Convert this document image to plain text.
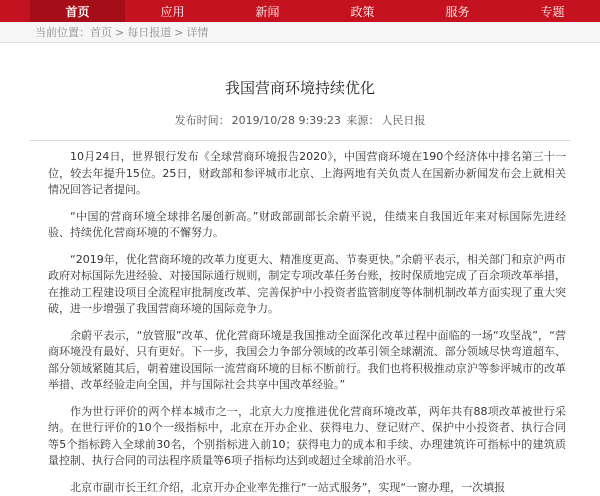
首页	应用	新闻	政策	服务	专题
当前位置： 首页 > 每日报道 > 详情
我国营商环境持续优化
发布时间： 2019/10/28 9:39:23 来源： 人民日报

10月24日，世界银行发布《全球营商环境报告2020》，中国营商环境在190个经济体中排名第三十一位，较去年提升15位。25日，财政部和参评城市北京、上海两地有关负责人在国新办新闻发布会上就相关情况回答记者提问。

“中国的营商环境全球排名屡创新高。”财政部副部长余蔚平说，佳绩来自我国近年来对标国际先进经验、持续优化营商环境的不懈努力。

“2019年，优化营商环境的改革力度更大、精准度更高、节奏更快。”余蔚平表示，相关部门和京沪两市政府对标国际先进经验、对接国际通行规则，制定专项改革任务台账，按时保质地完成了百余项改革举措，在推动工程建设项目全流程审批制度改革、完善保护中小投资者监管制度等体制机制改革方面实现了重大突破，进一步增强了我国营商环境的国际竞争力。

余蔚平表示，“放管服”改革、优化营商环境是我国推动全面深化改革过程中面临的一场“攻坚战”，“营商环境没有最好、只有更好。下一步，我国会力争部分领域的改革引领全球潮流、部分领域尽快弯道超车、部分领域紧随其后，朝着建设国际一流营商环境的目标不断前行。我们也将积极推动京沪等参评城市的改革举措、改革经验走向全国，并与国际社会共享中国改革经验。”

作为世行评价的两个样本城市之一，北京大力度推进优化营商环境改革，两年共有88项改革被世行采纳。在世行评价的10个一级指标中，北京在开办企业、获得电力、登记财产、保护中小投资者、执行合同等5个指标跨入全球前30名，个别指标进入前10；获得电力的成本和手续、办理建筑许可指标中的建筑质量控制、执行合同的司法程序质量等6项子指标均达到或超过全球前沿水平。

北京市副市长王红介绍，北京开办企业率先推行“一站式服务”，实现“一窗办理，一次填报
